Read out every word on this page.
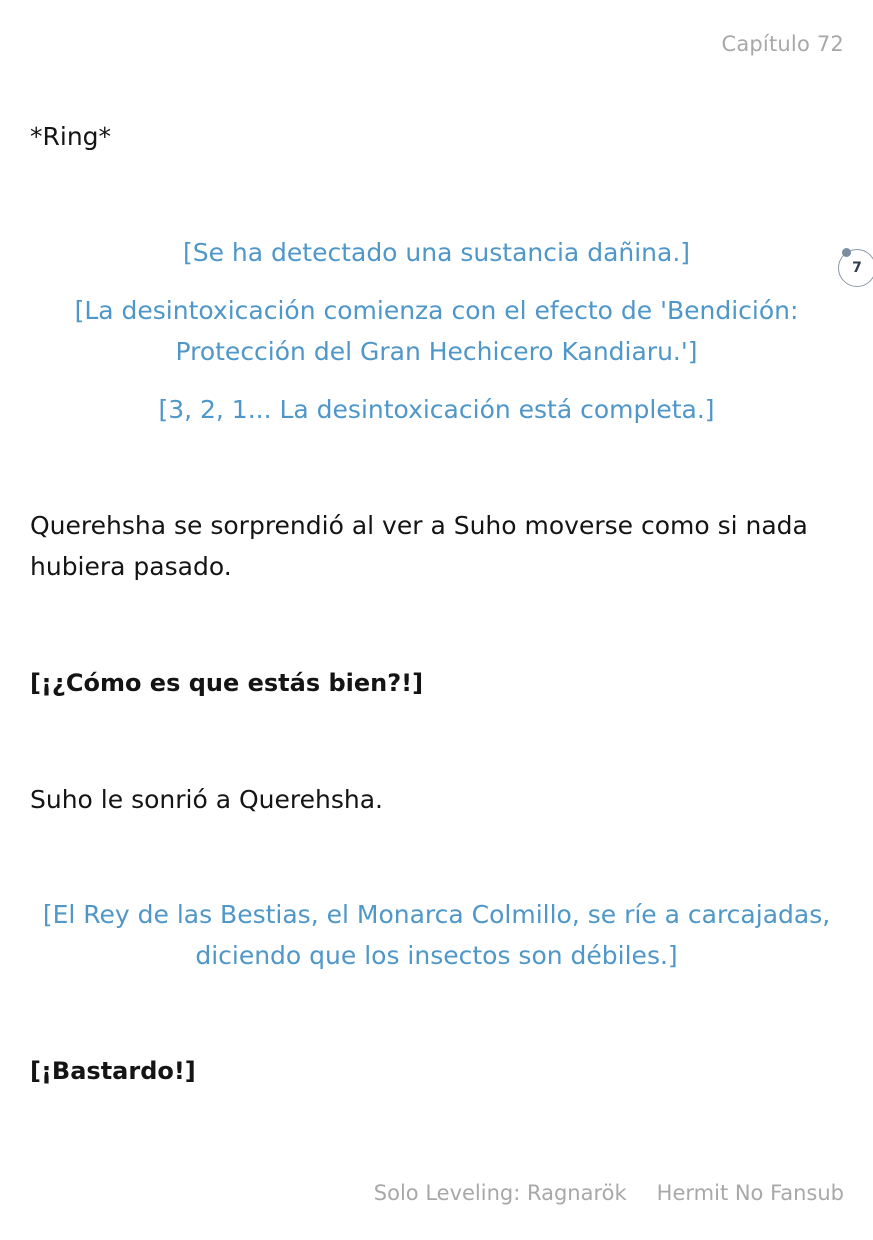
Capítulo 72
*Ring*
[Se ha detectado una sustancia dañina.]
[La desintoxicación comienza con el efecto de 'Bendición:
Protección del Gran Hechicero Kandiaru.']
[3, 2, 1... La desintoxicación está completa.]
Querehsha se sorprendió al ver a Suho moverse como si nada
hubiera pasado.
[¡¿Cómo es que estás bien?!]
Suho le sonrió a Querehsha.
[El Rey de las Bestias, el Monarca Colmillo, se ríe a carcajadas,
diciendo que los insectos son débiles.]
[¡Bastardo!]
7
Solo Leveling: Ragnarök Hermit No Fansub
